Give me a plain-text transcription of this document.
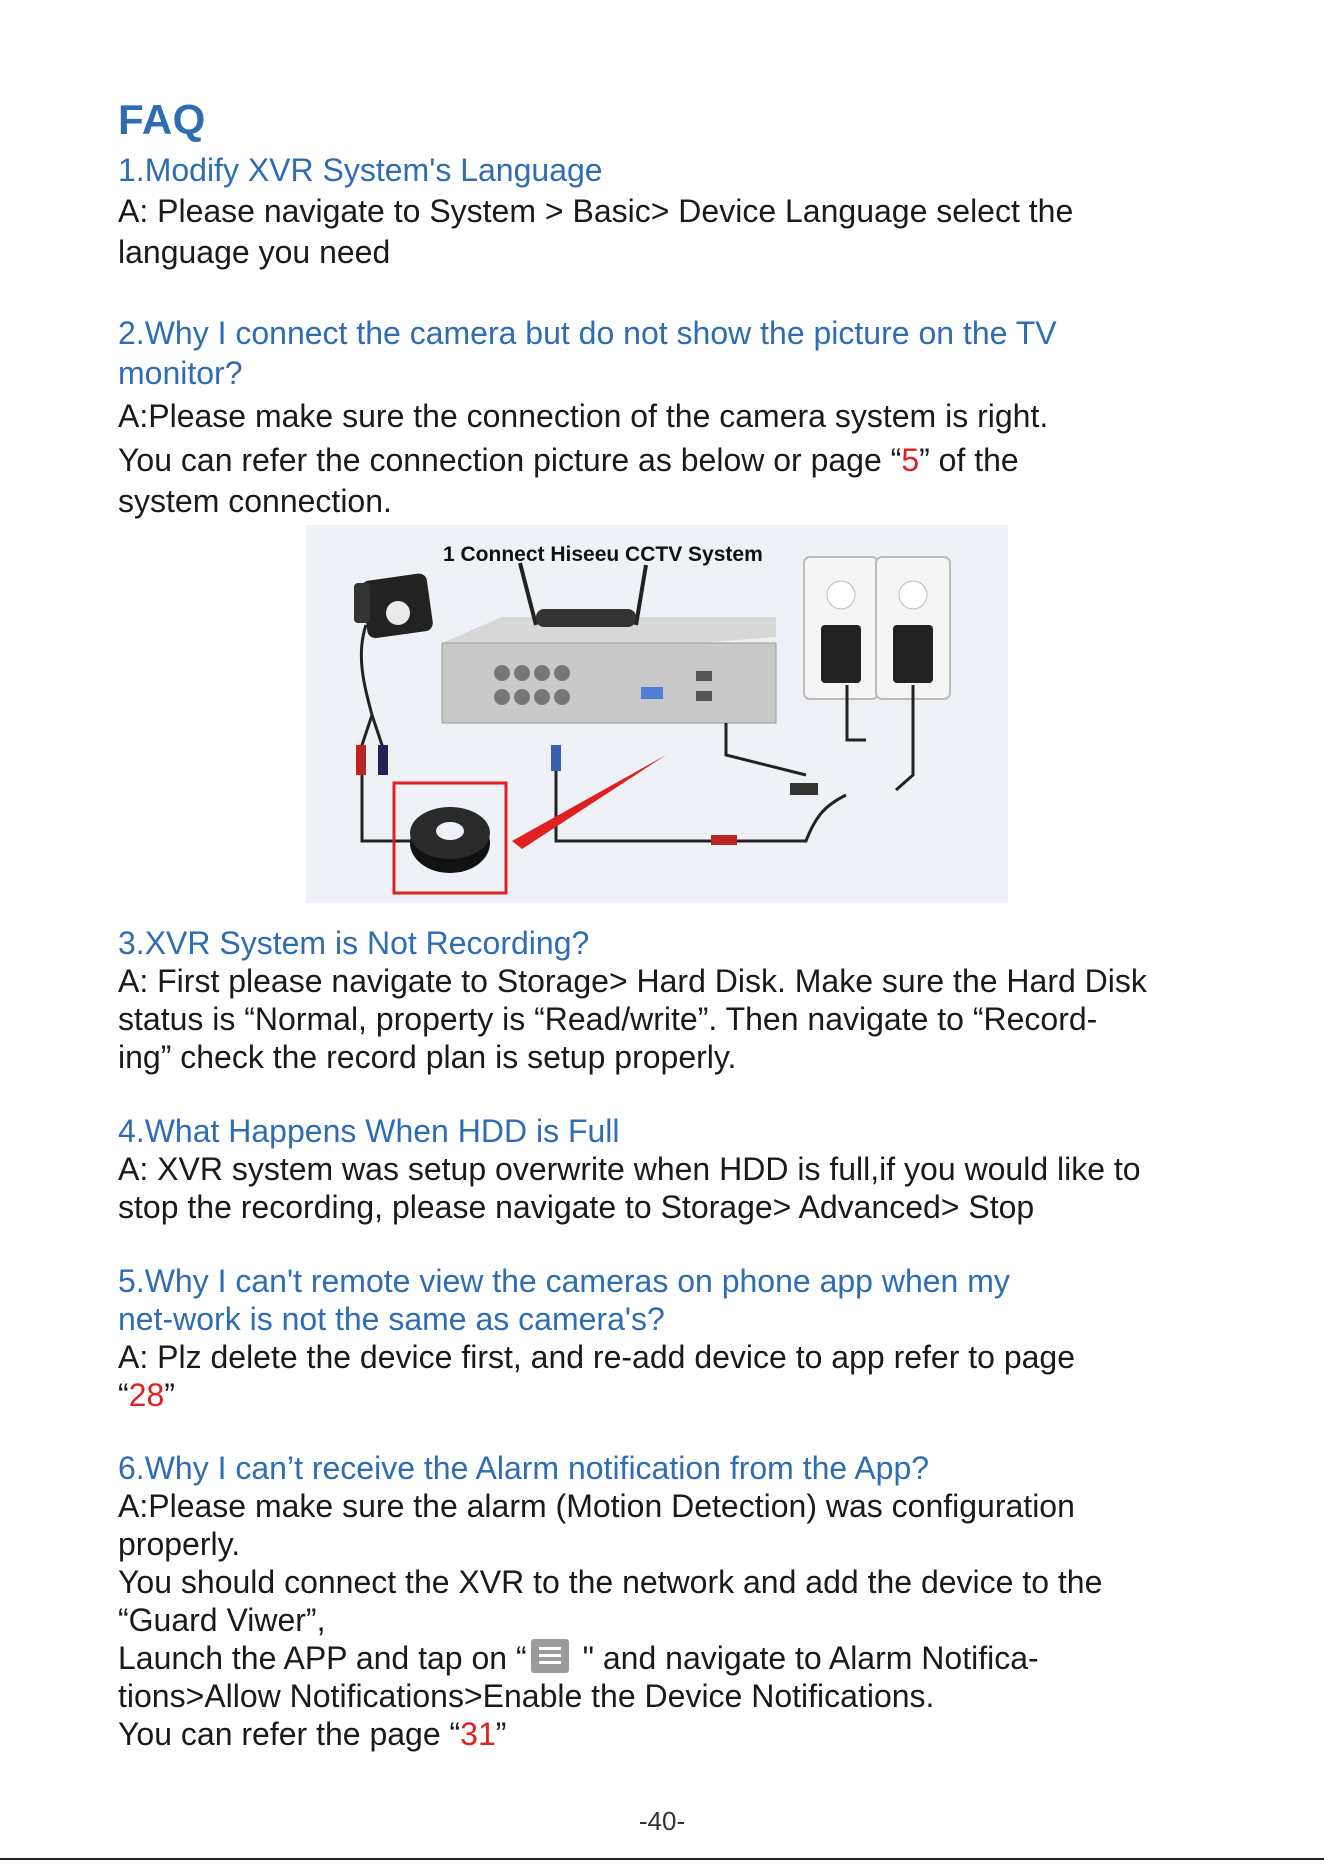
FAQ

1.Modify XVR System's Language

A: Please navigate to System > Basic> Device Language select the

language you need

2.Why I connect the camera but do not show the picture on the TV

monitor?

A:Please make sure the connection of the camera system is right.

You can refer the connection picture as below or page “5” of the

system connection.

1 Connect Hiseeu CCTV System

3.XVR System is Not Recording?

A: First please navigate to Storage> Hard Disk. Make sure the Hard Disk

status is “Normal, property is “Read/write”. Then navigate to “Record-

ing” check the record plan is setup properly.

4.What Happens When HDD is Full

A: XVR system was setup overwrite when HDD is full,if you would like to

stop the recording, please navigate to Storage> Advanced> Stop

5.Why I can't remote view the cameras on phone app when my

net-work is not the same as camera's?

A: Plz delete the device first, and re-add device to app refer to page

“28”

6.Why I can’t receive the Alarm notification from the App?

A:Please make sure the alarm (Motion Detection) was configuration

properly.

You should connect the XVR to the network and add the device to the

“Guard Viwer”,

Launch the APP and tap on “ " and navigate to Alarm Notifica-

tions>Allow Notifications>Enable the Device Notifications.

You can refer the page “31”

-40-
